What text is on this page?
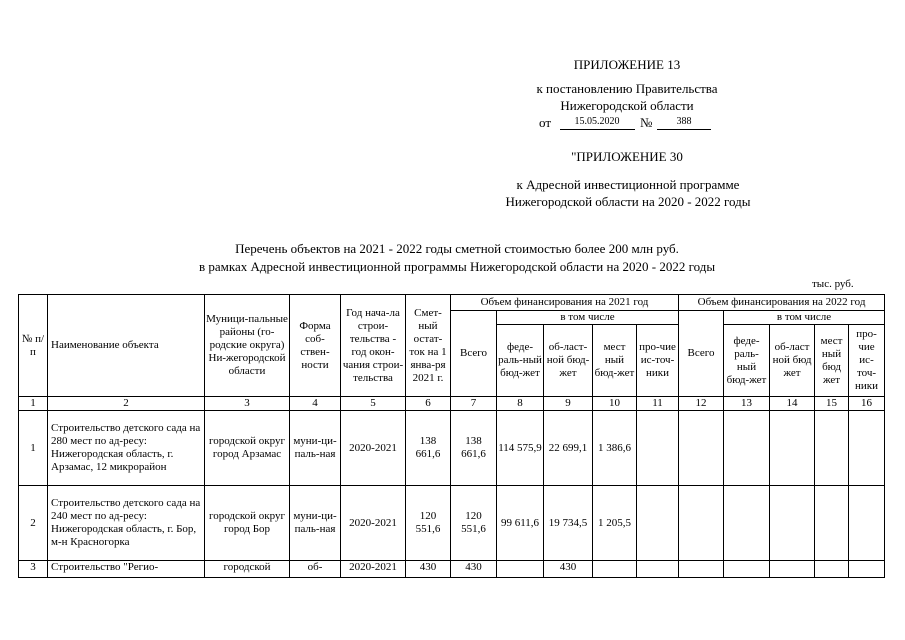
ПРИЛОЖЕНИЕ 13
к постановлению Правительства
Нижегородской области
от	15.05.2020	№	388
"ПРИЛОЖЕНИЕ 30
к Адресной инвестиционной программе
Нижегородской области на 2020 - 2022 годы
Перечень объектов на 2021 - 2022 годы сметной стоимостью более 200 млн руб.
в рамках Адресной инвестиционной программы Нижегородской области на 2020 - 2022 годы
тыс. руб.
№ п/п	Наименование объекта	Муници-пальные районы (го-родские округа) Ни-жегородской области	Форма соб-ствен-ности	Год нача-ла строи-тельства - год окон-чания строи-тельства	Смет-ный остат-ток на 1 янва-ря 2021 г.	Объем финансирования на 2021 год					Объем финансирования на 2022 год				
						Всего	в том числе				Всего	в том числе			
							феде-раль-ный бюд-жет	об-ласт-ной бюд-жет	мест ный бюд-жет	про-чие ис-точ-ники		феде-раль-ный бюд-жет	об-ласт ной бюд жет	мест ный бюд жет	про-чие ис-точ-ники
1	2	3	4	5	6	7	8	9	10	11	12	13	14	15	16
1	Строительство детского сада на 280 мест по ад-ресу: Нижегородская область, г. Арзамас, 12 микрорайон	городской округ город Арзамас	муни-ци-паль-ная	2020-2021	138 661,6	138 661,6	114 575,9	22 699,1	1 386,6						
2	Строительство детского сада на 240 мест по ад-ресу: Нижегородская область, г. Бор, м-н Красногорка	городской округ город Бор	муни-ци-паль-ная	2020-2021	120 551,6	120 551,6	99 611,6	19 734,5	1 205,5						
3	Строительство "Регио-	городской	об-	2020-2021	430	430		430							
